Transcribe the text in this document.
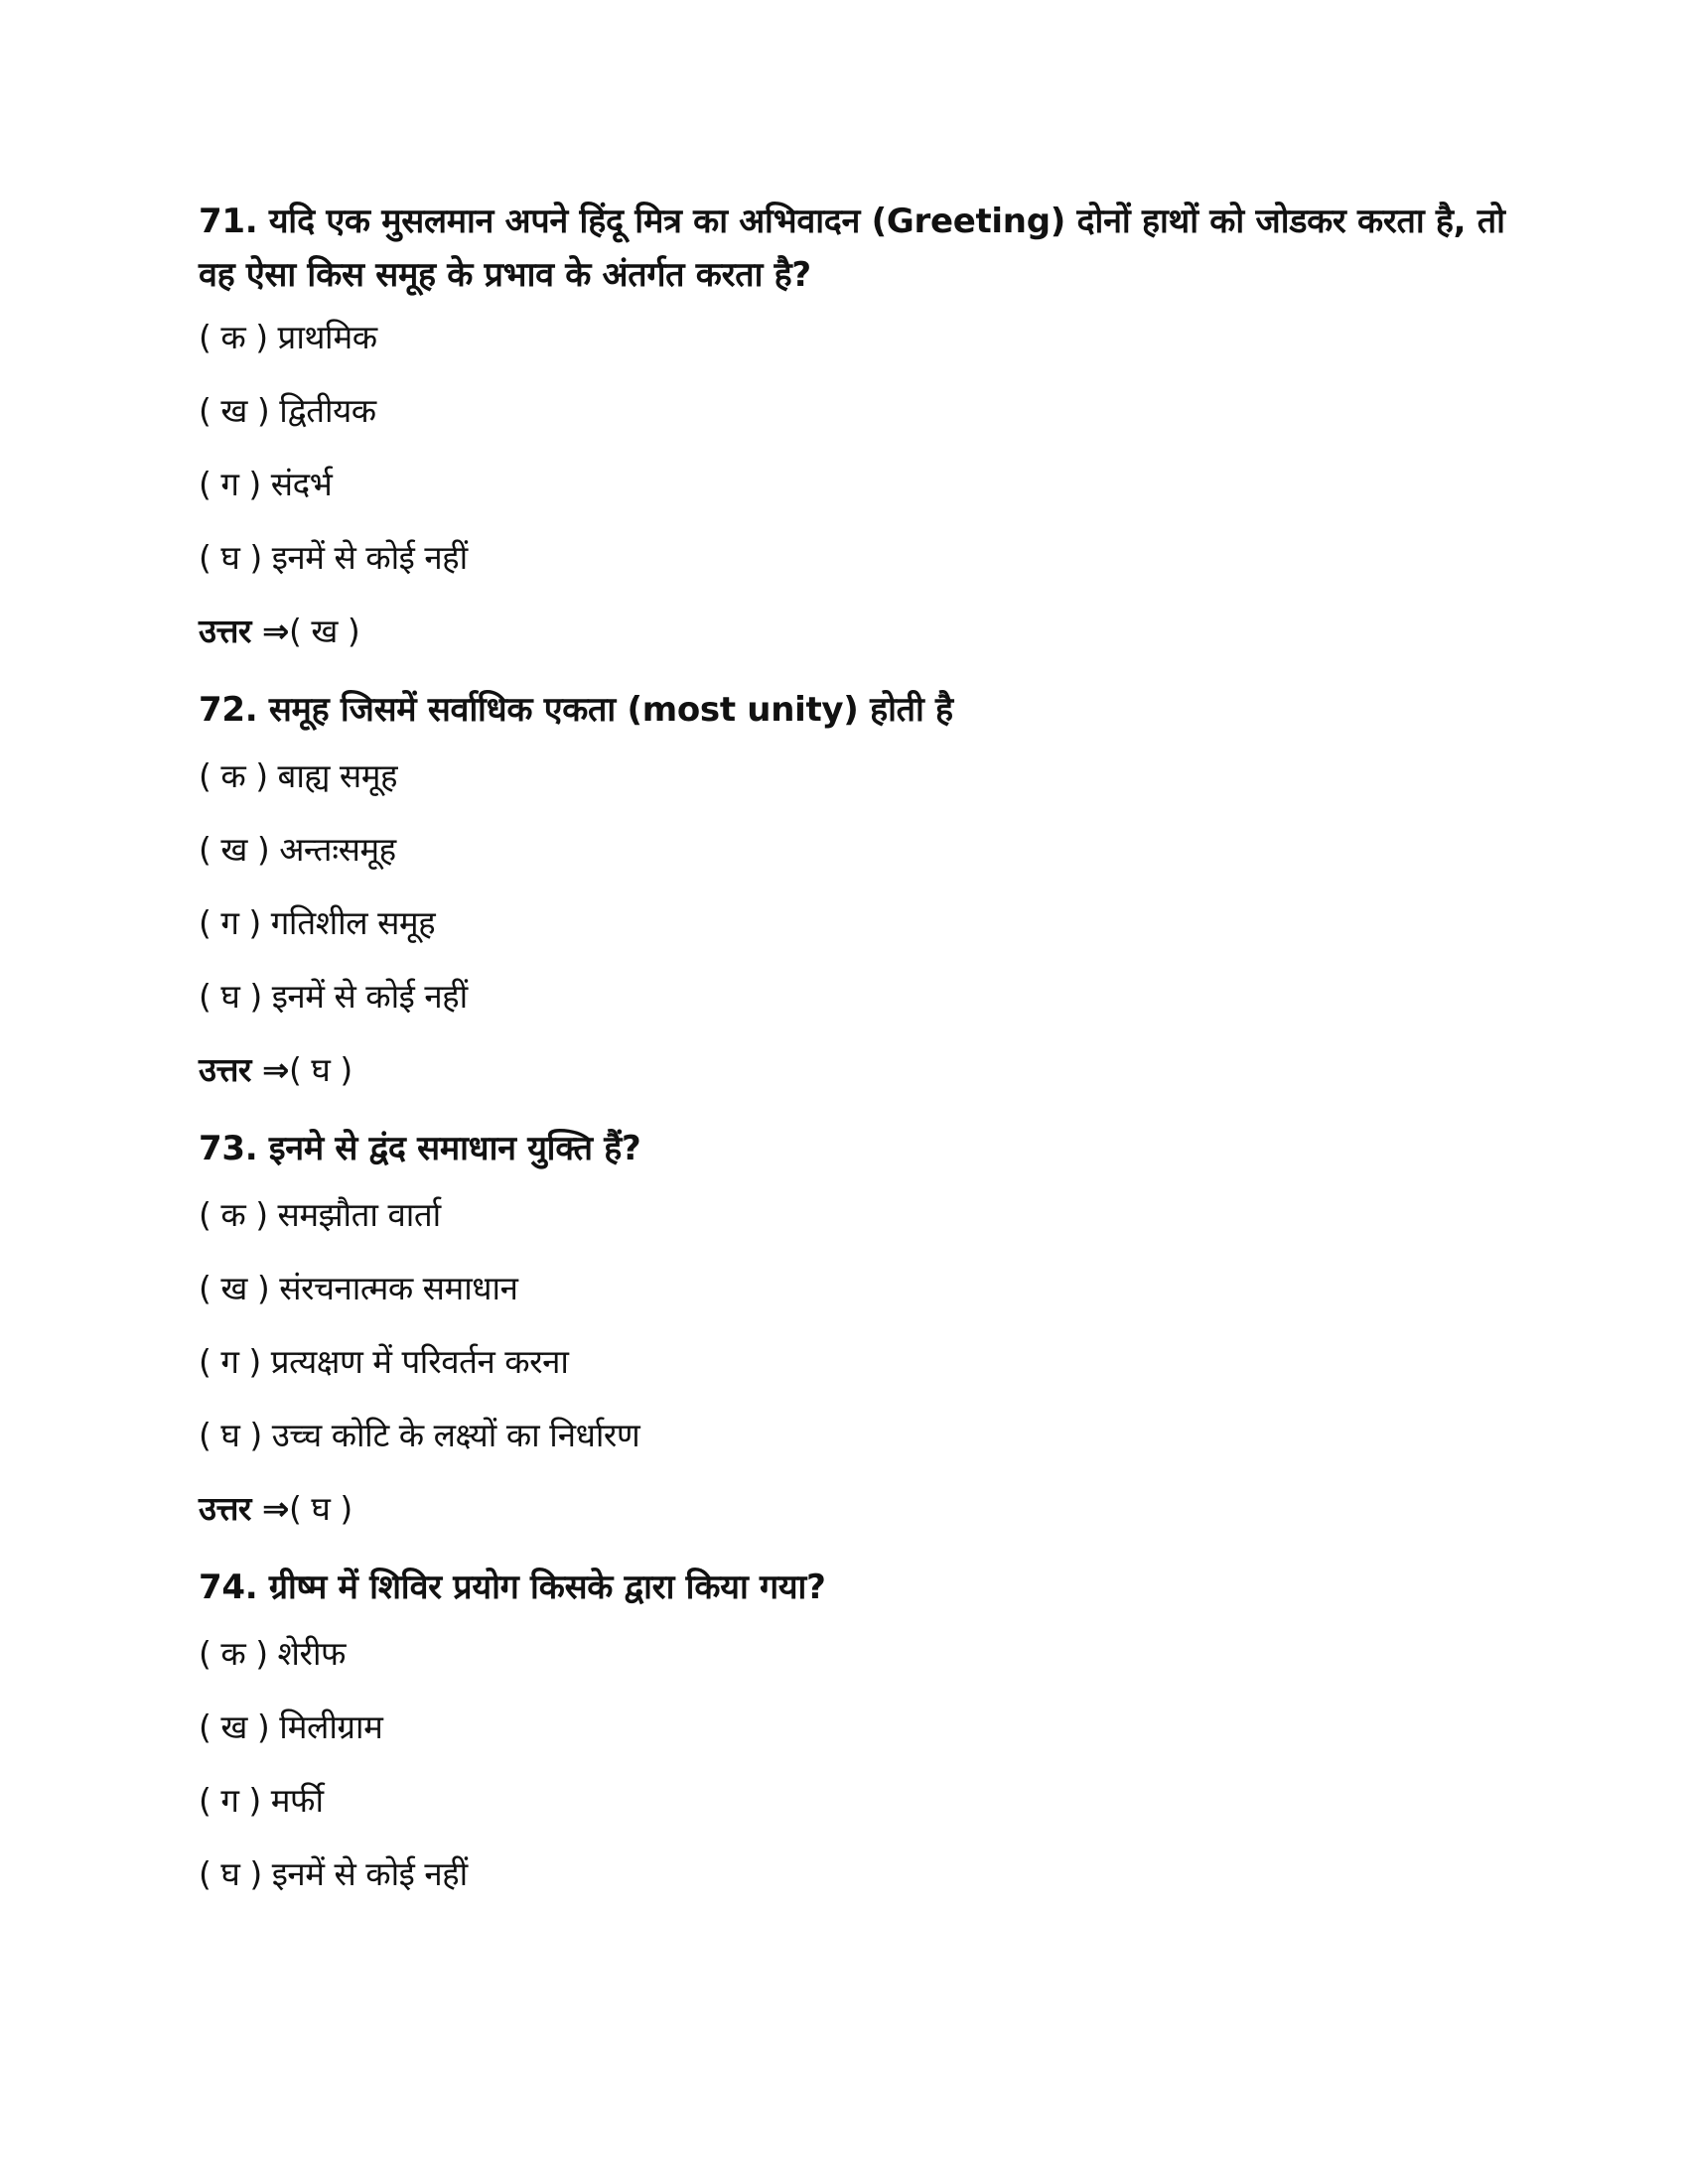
71. यदि एक मुसलमान अपने हिंदू मित्र का अभिवादन (Greeting) दोनों हाथों को जोडकर करता है, तो वह ऐसा किस समूह के प्रभाव के अंतर्गत करता है?
( क ) प्राथमिक
( ख ) द्वितीयक
( ग ) संदर्भ
( घ ) इनमें से कोई नहीं
उत्तर ⇒( ख )
72. समूह जिसमें सर्वाधिक एकता (most unity) होती है
( क ) बाह्य समूह
( ख ) अन्तःसमूह
( ग ) गतिशील समूह
( घ ) इनमें से कोई नहीं
उत्तर ⇒( घ )
73. इनमे से द्वंद समाधान युक्ति हैं?
( क ) समझौता वार्ता
( ख ) संरचनात्मक समाधान
( ग ) प्रत्यक्षण में परिवर्तन करना
( घ ) उच्च कोटि के लक्ष्यों का निर्धारण
उत्तर ⇒( घ )
74. ग्रीष्म में शिविर प्रयोग किसके द्वारा किया गया?
( क ) शेरीफ
( ख ) मिलीग्राम
( ग ) मर्फी
( घ ) इनमें से कोई नहीं
